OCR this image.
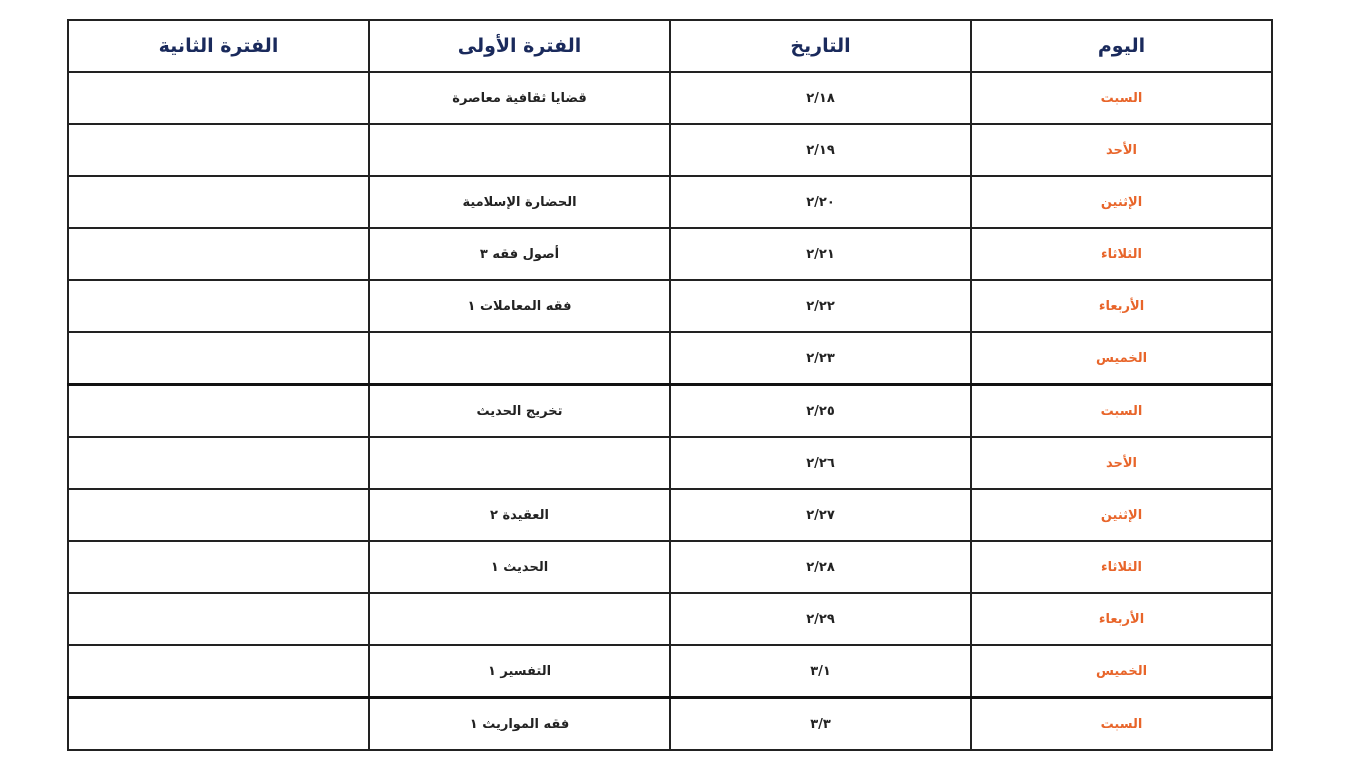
اليوم	التاريخ	الفترة الأولى	الفترة الثانية
السبت	٢/١٨	قضايا ثقافية معاصرة	
الأحد	٢/١٩		
الإثنين	٢/٢٠	الحضارة الإسلامية	
الثلاثاء	٢/٢١	أصول فقه ٣	
الأربعاء	٢/٢٢	فقه المعاملات ١	
الخميس	٢/٢٣		
السبت	٢/٢٥	تخريج الحديث	
الأحد	٢/٢٦		
الإثنين	٢/٢٧	العقيدة ٢	
الثلاثاء	٢/٢٨	الحديث ١	
الأربعاء	٢/٢٩		
الخميس	٣/١	التفسير ١	
السبت	٣/٣	فقه المواريث ١	
